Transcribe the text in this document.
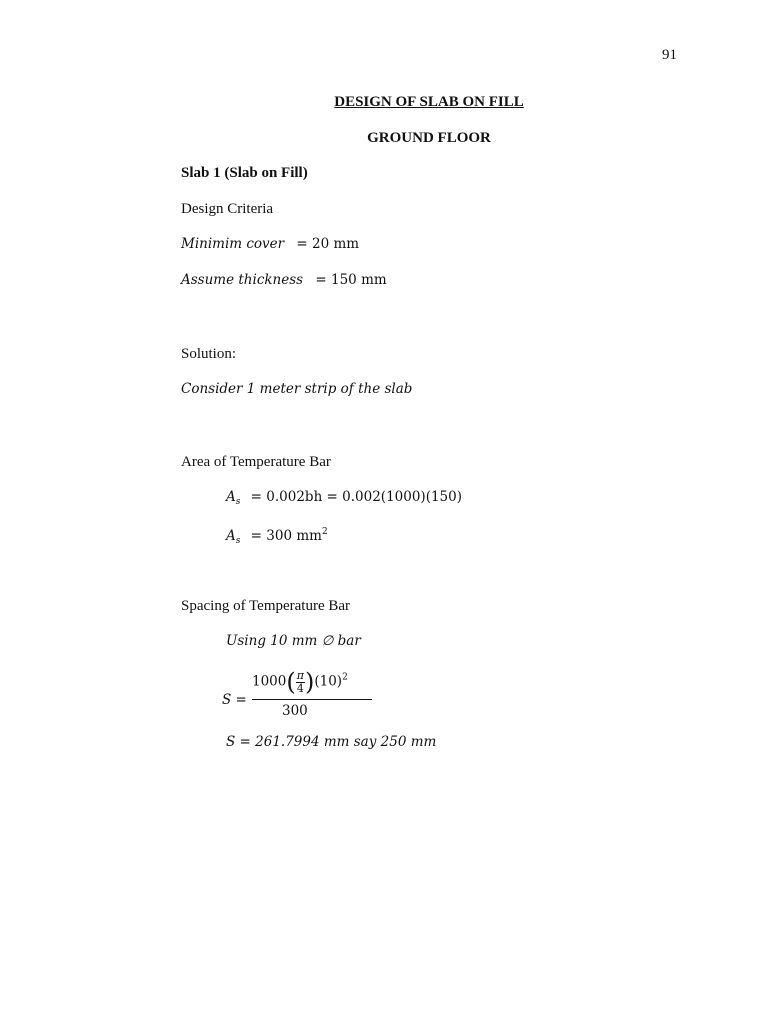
91
DESIGN OF SLAB ON FILL
GROUND FLOOR
Slab 1 (Slab on Fill)
Design Criteria
Minimim cover = 20 mm
Assume thickness = 150 mm
Solution:
Consider 1 meter strip of the slab
Area of Temperature Bar
$A_s = 0.002bh = 0.002(1000)(150)$
$A_s = 300$ $mm^2$
Spacing of Temperature Bar
Using 10 mm ∅ bar
S =
$1000( \frac{\pi}{4} )(10)^2$
300
S = 261.7994 mm say 250 mm
